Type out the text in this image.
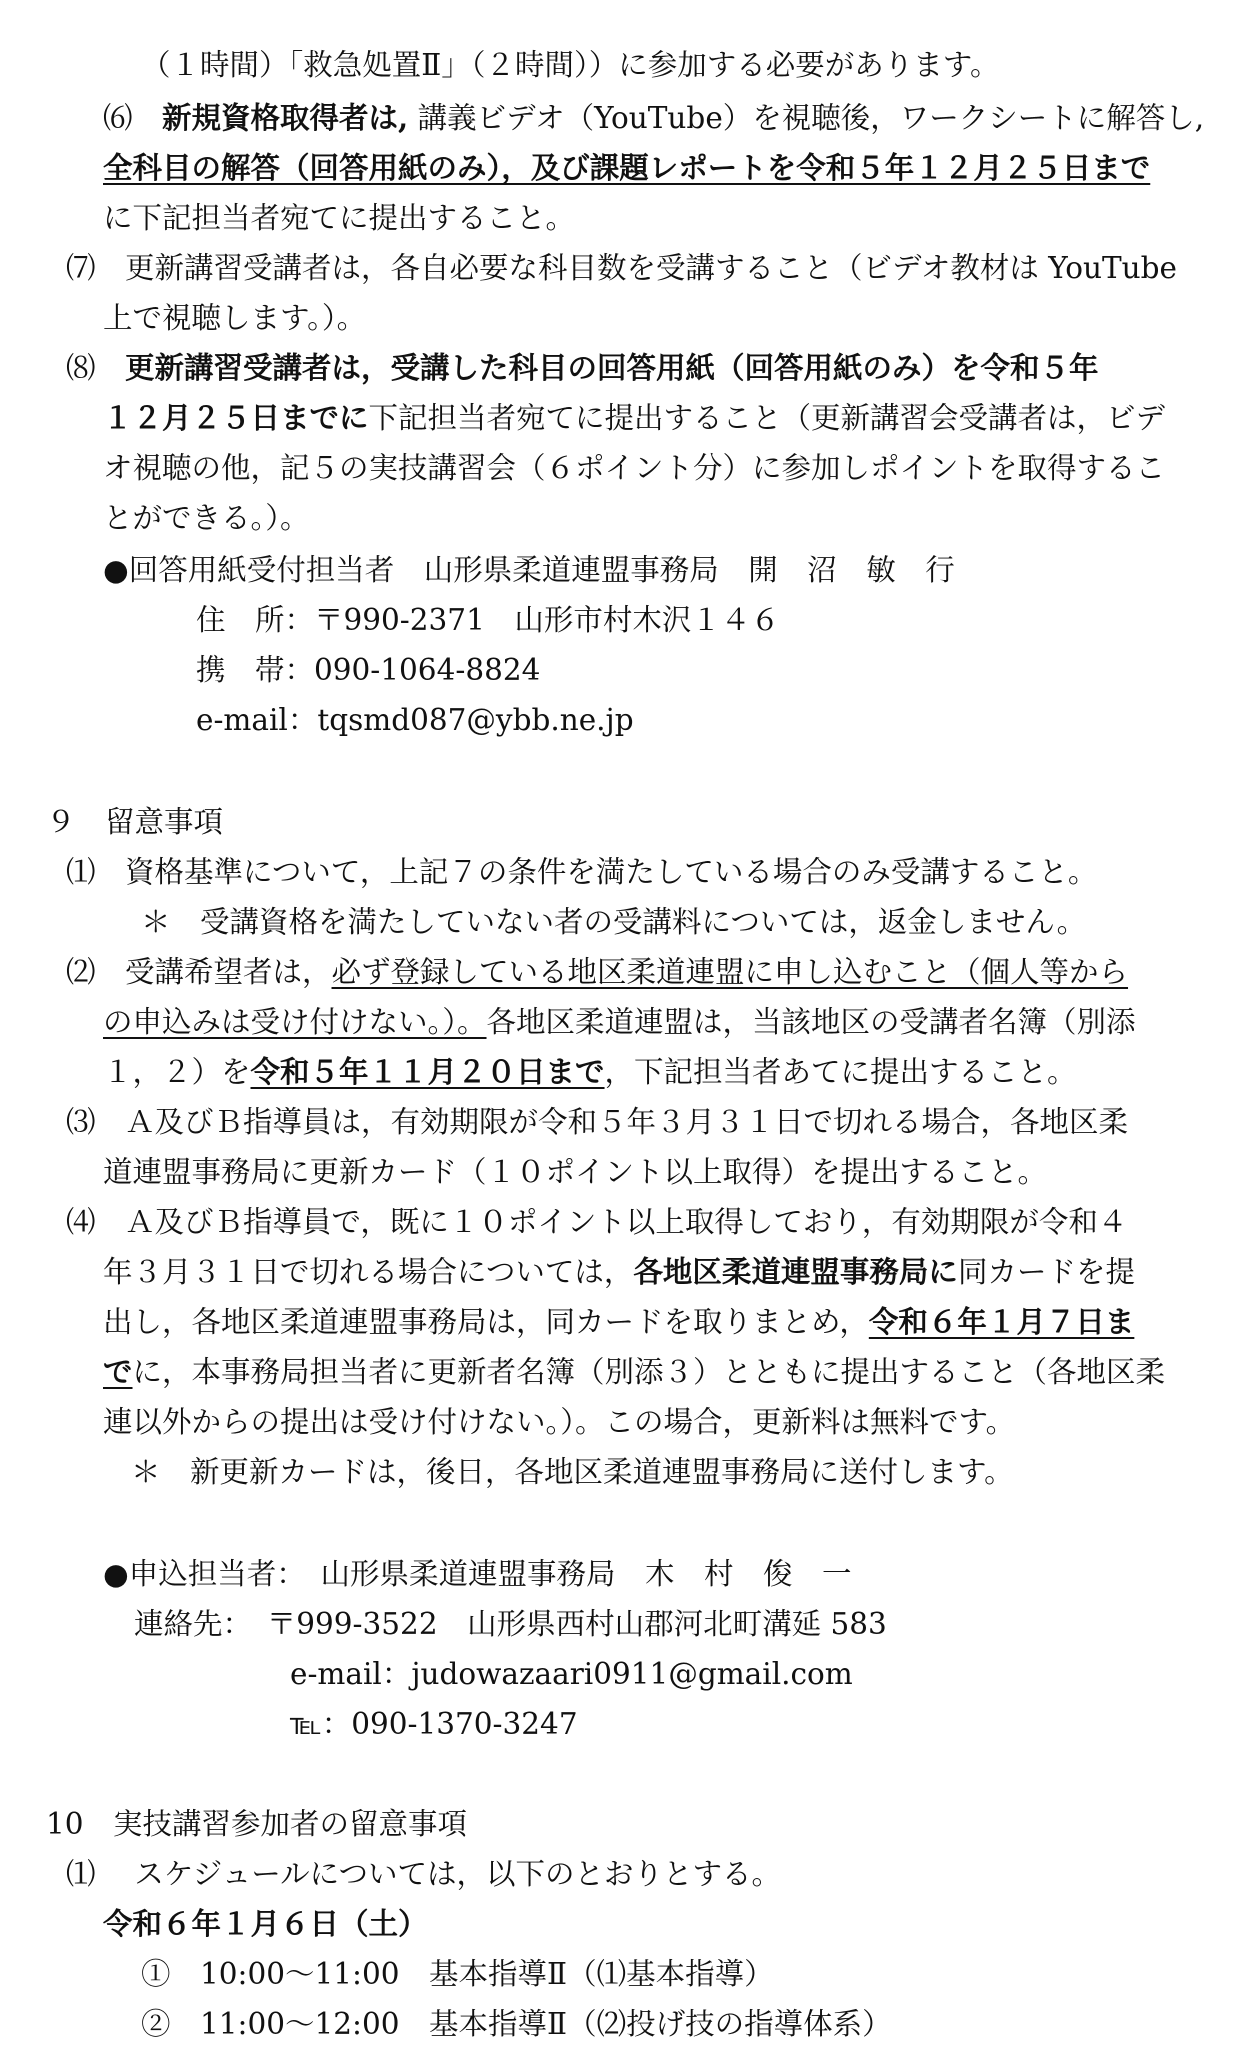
（１時間）「救急処置Ⅱ」（２時間））に参加する必要があります。
⑹　新規資格取得者は, 講義ビデオ（YouTube）を視聴後，ワークシートに解答し,
全科目の解答（回答用紙のみ），及び課題レポートを令和５年１２月２５日まで
に下記担当者宛てに提出すること。
⑺　更新講習受講者は，各自必要な科目数を受講すること（ビデオ教材は YouTube
上で視聴します。）。
⑻　更新講習受講者は，受講した科目の回答用紙（回答用紙のみ）を令和５年
１２月２５日までに下記担当者宛てに提出すること（更新講習会受講者は，ビデ
オ視聴の他，記５の実技講習会（６ポイント分）に参加しポイントを取得するこ
とができる。）。
●回答用紙受付担当者　山形県柔道連盟事務局　開　沼　敏　行
住　所：〒990-2371　山形市村木沢１４６
携　帯：090-1064-8824
e-mail：tqsmd087@ybb.ne.jp
９　留意事項
⑴　資格基準について，上記７の条件を満たしている場合のみ受講すること。
＊　受講資格を満たしていない者の受講料については，返金しません。
⑵　受講希望者は，必ず登録している地区柔道連盟に申し込むこと（個人等から
の申込みは受け付けない。）。各地区柔道連盟は，当該地区の受講者名簿（別添
１，２）を令和５年１１月２０日まで，下記担当者あてに提出すること。
⑶　Ａ及びＢ指導員は，有効期限が令和５年３月３１日で切れる場合，各地区柔
道連盟事務局に更新カード（１０ポイント以上取得）を提出すること。
⑷　Ａ及びＢ指導員で，既に１０ポイント以上取得しており，有効期限が令和４
年３月３１日で切れる場合については，各地区柔道連盟事務局に同カードを提
出し，各地区柔道連盟事務局は，同カードを取りまとめ，令和６年１月７日ま
でに，本事務局担当者に更新者名簿（別添３）とともに提出すること（各地区柔
連以外からの提出は受け付けない。）。この場合，更新料は無料です。
＊　新更新カードは，後日，各地区柔道連盟事務局に送付します。
●申込担当者：　山形県柔道連盟事務局　木　村　俊　一
連絡先：　〒999-3522　山形県西村山郡河北町溝延 583
e-mail：judowazaari0911@gmail.com
℡：090-1370-3247
10　実技講習参加者の留意事項
⑴　 スケジュールについては，以下のとおりとする。
令和６年１月６日（土）
①　10:00～11:00　基本指導Ⅱ（⑴基本指導）
②　11:00～12:00　基本指導Ⅱ（⑵投げ技の指導体系）
